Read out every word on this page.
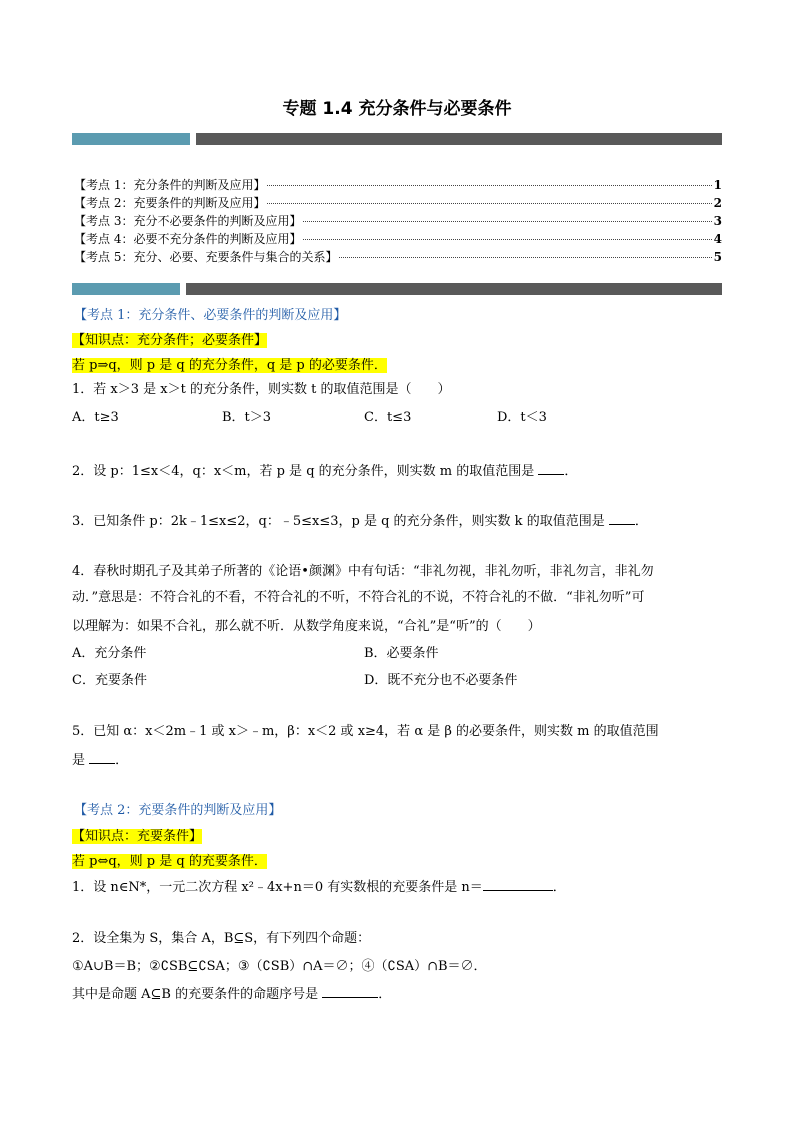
专题 1.4 充分条件与必要条件
【考点 1：充分条件的判断及应用】	1
【考点 2：充要条件的判断及应用】	2
【考点 3：充分不必要条件的判断及应用】	3
【考点 4：必要不充分条件的判断及应用】	4
【考点 5：充分、必要、充要条件与集合的关系】	5
【考点 1：充分条件、必要条件的判断及应用】
【知识点：充分条件；必要条件】
若 p⇒q，则 p 是 q 的充分条件，q 是 p 的必要条件．
1．若 x＞3 是 x＞t 的充分条件，则实数 t 的取值范围是（　　）
A．t≥3	B．t＞3	C．t≤3	D．t＜3
2．设 p：1≤x＜4，q：x＜m，若 p 是 q 的充分条件，则实数 m 的取值范围是 ．
3．已知条件 p：2k﹣1≤x≤2，q：﹣5≤x≤3，p 是 q 的充分条件，则实数 k 的取值范围是 ．
4．春秋时期孔子及其弟子所著的《论语•颜渊》中有句话：“非礼勿视，非礼勿听，非礼勿言，非礼勿
动．”意思是：不符合礼的不看，不符合礼的不听，不符合礼的不说，不符合礼的不做．“非礼勿听”可
以理解为：如果不合礼，那么就不听．从数学角度来说，“合礼”是“听”的（　　）
A．充分条件	B．必要条件
C．充要条件	D．既不充分也不必要条件
5．已知 α：x＜2m﹣1 或 x＞﹣m，β：x＜2 或 x≥4，若 α 是 β 的必要条件，则实数 m 的取值范围
是 ．
【考点 2：充要条件的判断及应用】
【知识点：充要条件】
若 p⇔q，则 p 是 q 的充要条件．
1．设 n∈N*，一元二次方程 x²﹣4x+n＝0 有实数根的充要条件是 n＝	．
2．设全集为 S，集合 A，B⊆S，有下列四个命题：
①A∪B＝B；②∁SB⊆∁SA；③（∁SB）∩A＝∅；④（∁SA）∩B＝∅．
其中是命题 A⊆B 的充要条件的命题序号是	．
